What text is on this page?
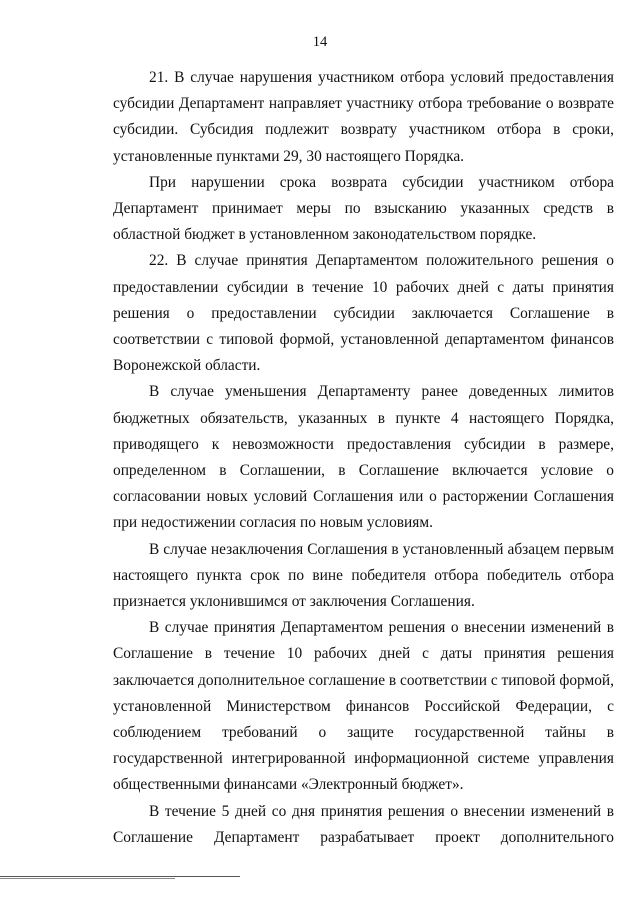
14

21. В случае нарушения участником отбора условий предоставления субсидии Департамент направляет участнику отбора требование о возврате субсидии. Субсидия подлежит возврату участником отбора в сроки, установленные пунктами 29, 30 настоящего Порядка.

При нарушении срока возврата субсидии участником отбора Департамент принимает меры по взысканию указанных средств в областной бюджет в установленном законодательством порядке.

22. В случае принятия Департаментом положительного решения о предоставлении субсидии в течение 10 рабочих дней с даты принятия решения о предоставлении субсидии заключается Соглашение в соответствии с типовой формой, установленной департаментом финансов Воронежской области.

В случае уменьшения Департаменту ранее доведенных лимитов бюджетных обязательств, указанных в пункте 4 настоящего Порядка, приводящего к невозможности предоставления субсидии в размере, определенном в Соглашении, в Соглашение включается условие о согласовании новых условий Соглашения или о расторжении Соглашения при недостижении согласия по новым условиям.

В случае незаключения Соглашения в установленный абзацем первым настоящего пункта срок по вине победителя отбора победитель отбора признается уклонившимся от заключения Соглашения.

В случае принятия Департаментом решения о внесении изменений в Соглашение в течение 10 рабочих дней с даты принятия решения заключается дополнительное соглашение в соответствии с типовой формой, установленной Министерством финансов Российской Федерации, с соблюдением требований о защите государственной тайны в государственной интегрированной информационной системе управления общественными финансами «Электронный бюджет».

В течение 5 дней со дня принятия решения о внесении изменений в Соглашение Департамент разрабатывает проект дополнительного
